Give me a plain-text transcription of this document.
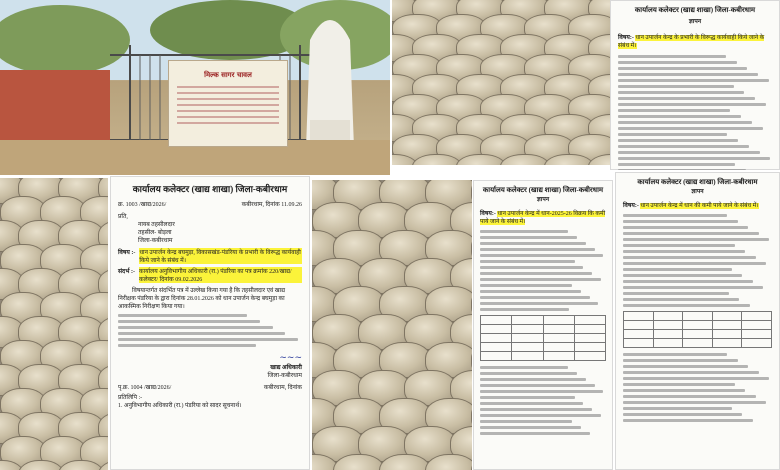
मिल्क सागर चावल
कार्यालय कलेक्टर (खाद्य शाखा) जिला-कबीरधाम
ज्ञापन
विषय:- धान उपार्जन केन्द्र के प्रभारी के विरूद्ध कार्यवाही किये जाने के संबंध में।
कार्यालय कलेक्टर (खाद्य शाखा) जिला-कबीरधाम
क्र. 1003 /खाद्य/2026/	कबीरधाम, दिनांक 11.09.26
प्रति,
नायब तहसीलदार
तहसील- बोड़ला
जिला-कबीरधाम
विषय :- धान उपार्जन केन्द्र बघमुड़ा, विकासखंड-पंडरिया के प्रभारी के विरूद्ध कार्यवाही किये जाने के संबंध में।
संदर्भ :- कार्यालय अनुविभागीय अधिकारी (रा.) पंडरिया का पत्र क्रमांक 220/खाद्य/कलेक्टर/ दिनांक 09.02.2026
विषयान्तर्गत संदर्भित पत्र में उल्लेख किया गया है कि तहसीलदार एवं खाद्य निरीक्षक पंडरिया के द्वारा दिनांक 28.01.2026 को धान उपार्जन केन्द्र बघमुड़ा का आकस्मिक निरीक्षण किया गया।
~~~
खाद्य अधिकारी
जिला-कबीरधाम
पृ.क्र. 1004 /खाद्य/2026/	कबीरधाम, दिनांक
प्रतिलिपि :-
1. अनुविभागीय अधिकारी (रा.) पंडरिया को सादर सूचनार्थ।
कार्यालय कलेक्टर (खाद्य शाखा) जिला-कबीरधाम
ज्ञापन
विषय:- धान उपार्जन केन्द्र में धान-2025-26 विक्रय कि कमी पाये जाने के संबंध में।

कार्यालय कलेक्टर (खाद्य शाखा) जिला-कबीरधाम
ज्ञापन
विषय:- धान उपार्जन केन्द्र में धान की कमी पाये जाने के संबंध में।
